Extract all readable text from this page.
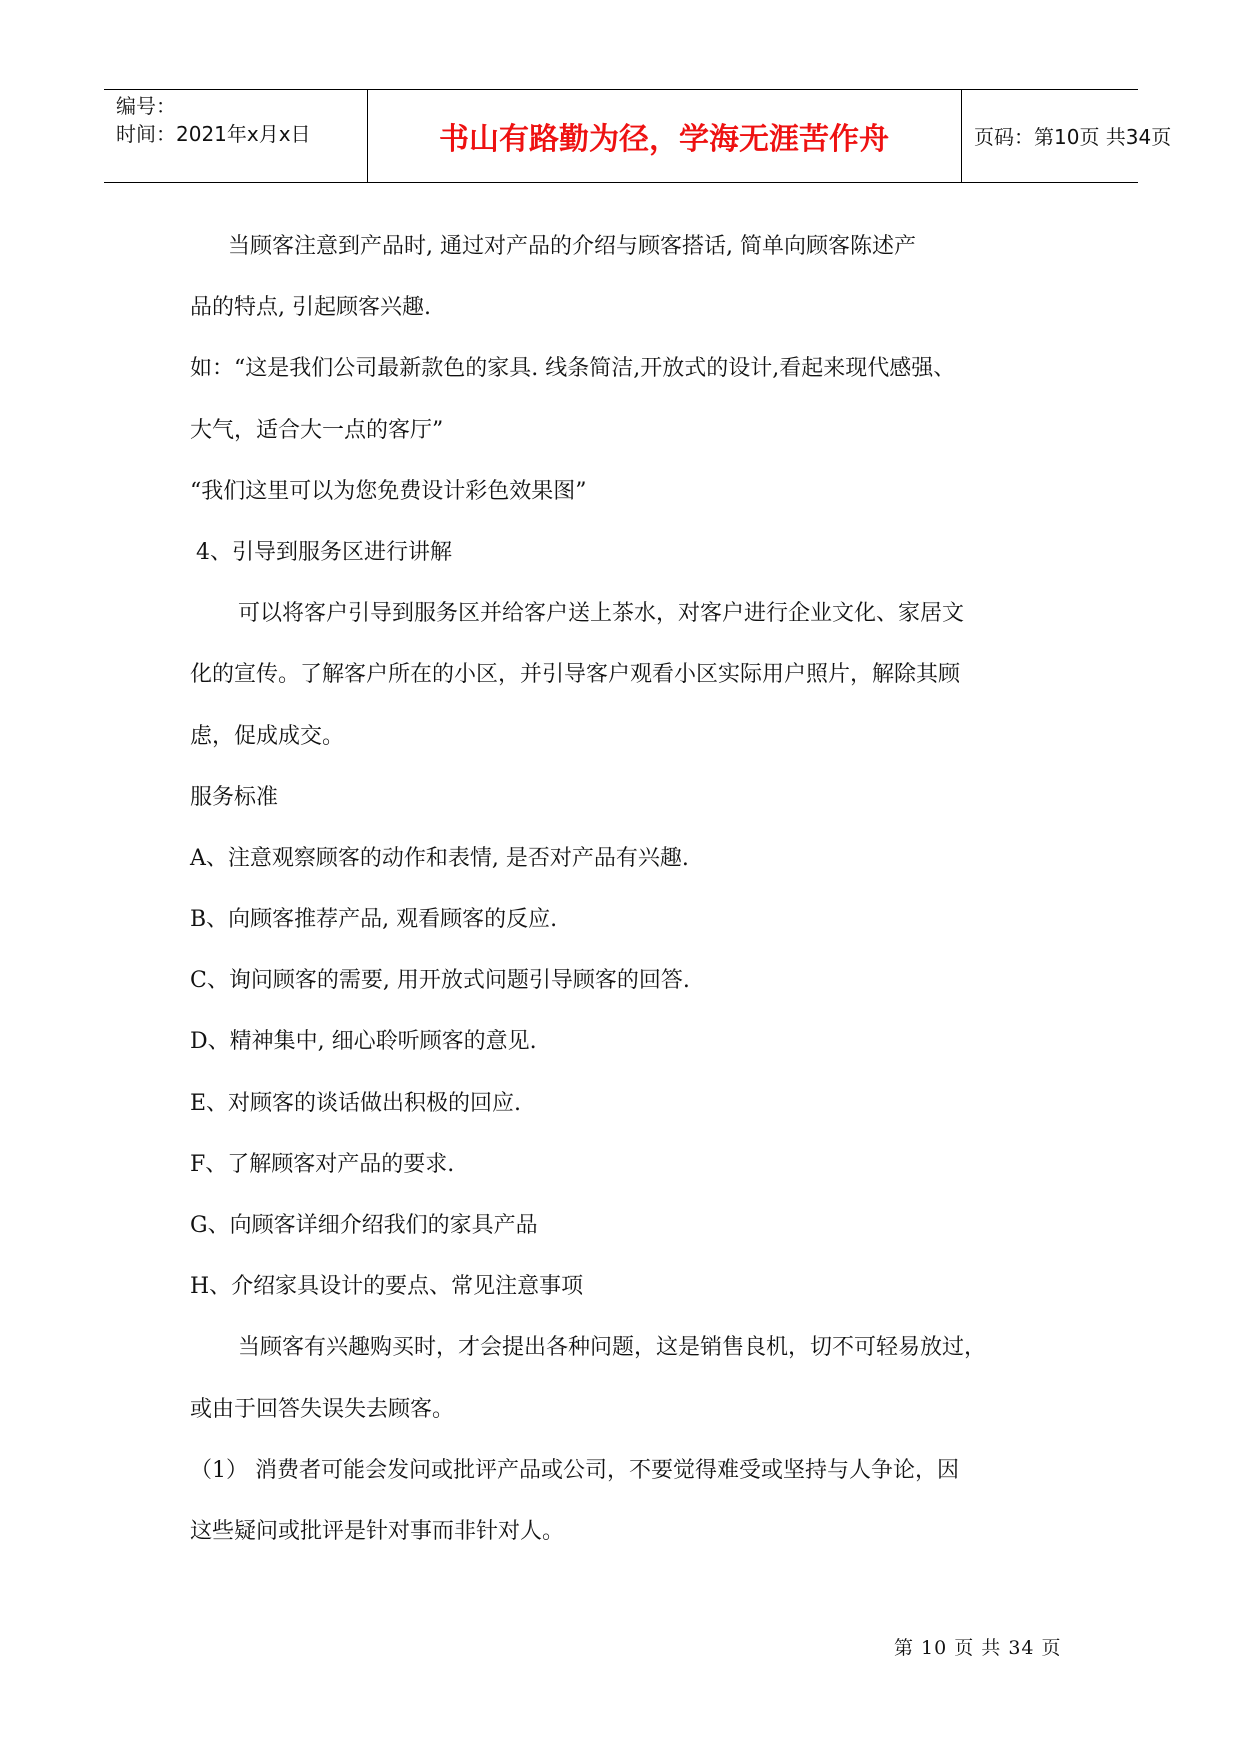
编号：
时间：2021年x月x日	书山有路勤为径，学海无涯苦作舟	页码：第10页 共34页
当顾客注意到产品时, 通过对产品的介绍与顾客搭话, 简单向顾客陈述产
品的特点, 引起顾客兴趣.
如：“这是我们公司最新款色的家具. 线条简洁,开放式的设计,看起来现代感强、
大气，适合大一点的客厅”
“我们这里可以为您免费设计彩色效果图”
4、引导到服务区进行讲解
可以将客户引导到服务区并给客户送上茶水，对客户进行企业文化、家居文
化的宣传。了解客户所在的小区，并引导客户观看小区实际用户照片，解除其顾
虑，促成成交。
服务标准
A、注意观察顾客的动作和表情, 是否对产品有兴趣.
B、向顾客推荐产品, 观看顾客的反应.
C、询问顾客的需要, 用开放式问题引导顾客的回答.
D、精神集中, 细心聆听顾客的意见.
E、对顾客的谈话做出积极的回应.
F、了解顾客对产品的要求.
G、向顾客详细介绍我们的家具产品
H、介绍家具设计的要点、常见注意事项
当顾客有兴趣购买时，才会提出各种问题，这是销售良机，切不可轻易放过，
或由于回答失误失去顾客。
（1） 消费者可能会发问或批评产品或公司，不要觉得难受或坚持与人争论，因
这些疑问或批评是针对事而非针对人。
第 10 页 共 34 页
